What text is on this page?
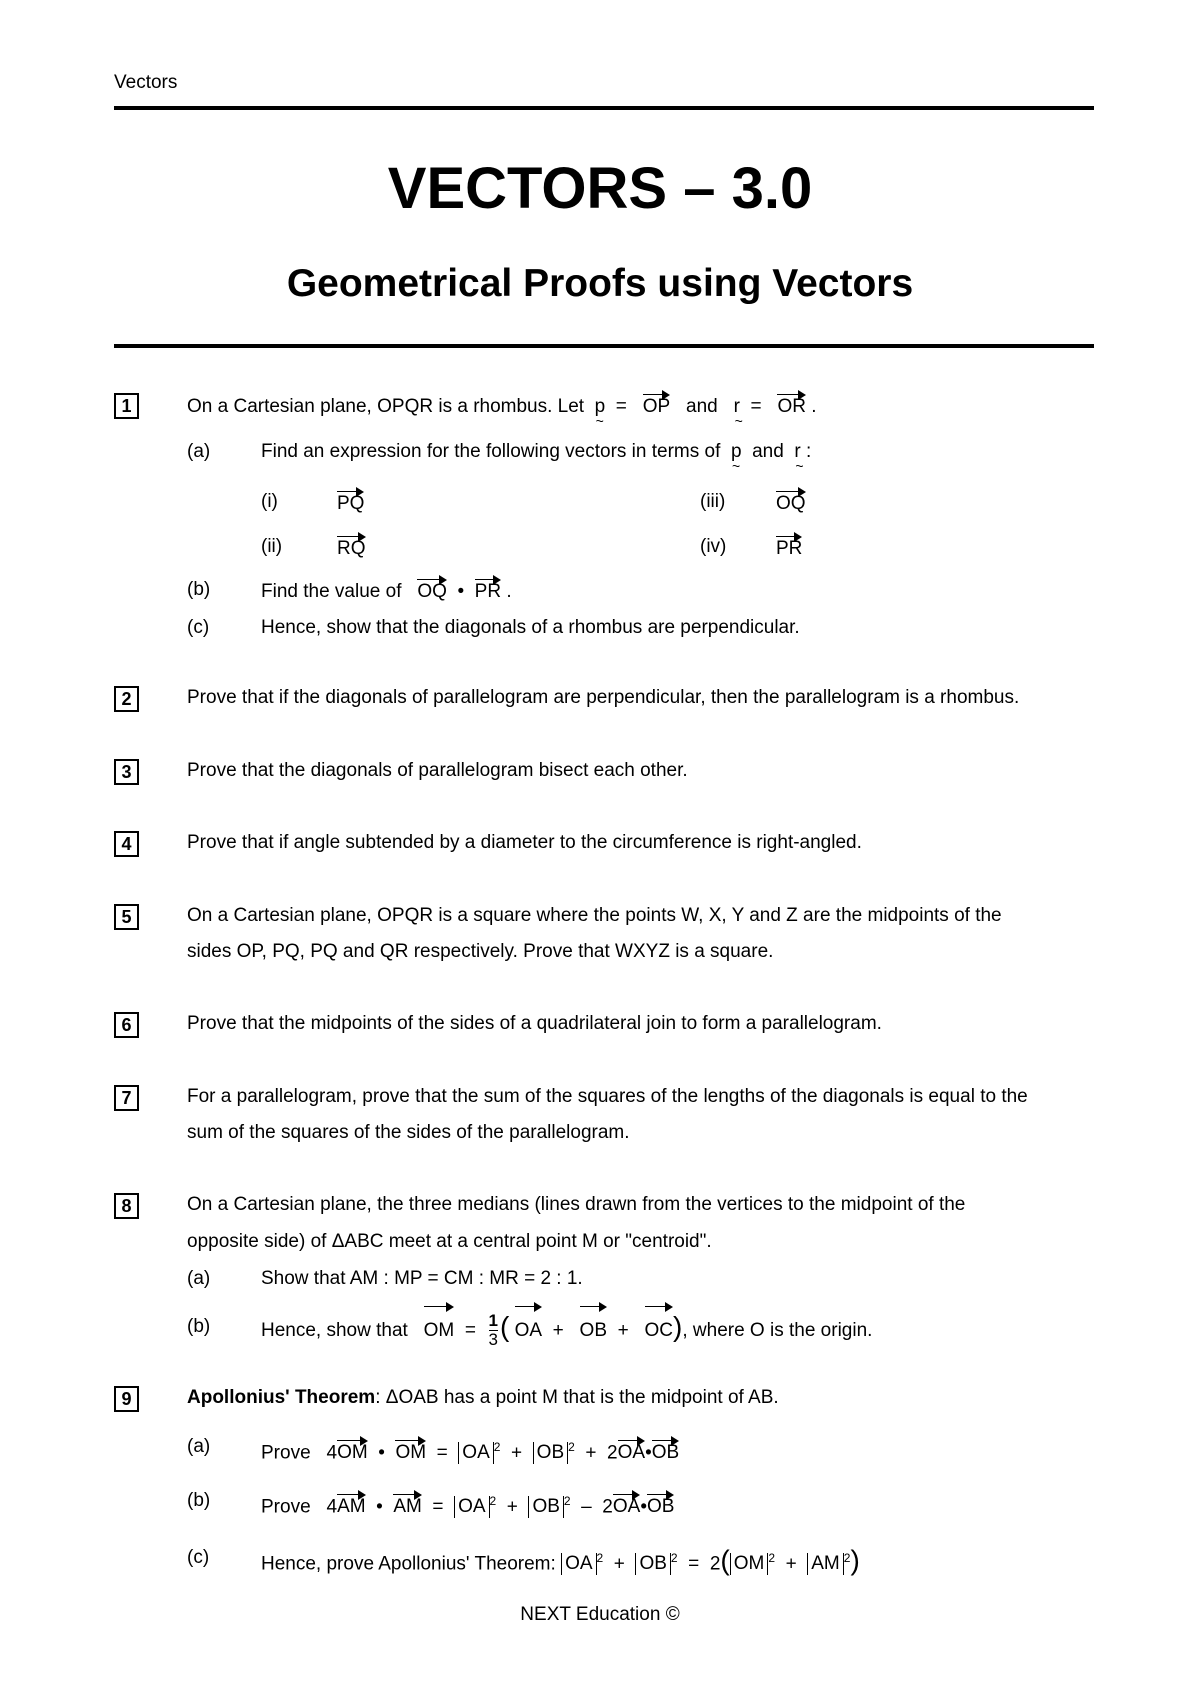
Vectors
VECTORS – 3.0
Geometrical Proofs using Vectors
1	On a Cartesian plane, OPQR is a rhombus. Let p ~ = OP and r ~ = OR .
(a)	Find an expression for the following vectors in terms of p ~ and r ~ :
(i)	PQ	(iii)	OQ
(ii)	RQ	(iv)	PR
(b)	Find the value of OQ • PR .
(c)	Hence, show that the diagonals of a rhombus are perpendicular.
2	Prove that if the diagonals of parallelogram are perpendicular, then the parallelogram is a rhombus.
3	Prove that the diagonals of parallelogram bisect each other.
4	Prove that if angle subtended by a diameter to the circumference is right-angled.
5	On a Cartesian plane, OPQR is a square where the points W, X, Y and Z are the midpoints of the
sides OP, PQ, PQ and QR respectively. Prove that WXYZ is a square.
6	Prove that the midpoints of the sides of a quadrilateral join to form a parallelogram.
7	For a parallelogram, prove that the sum of the squares of the lengths of the diagonals is equal to the
sum of the squares of the sides of the parallelogram.
8	On a Cartesian plane, the three medians (lines drawn from the vertices to the midpoint of the
opposite side) of ΔABC meet at a central point M or "centroid".
(a)	Show that AM : MP = CM : MR = 2 : 1.
(b)	Hence, show that OM = $\frac{1}{3}$ ( OA + OB + OC), where O is the origin.
9	Apollonius' Theorem: ΔOAB has a point M that is the midpoint of AB.
(a)	Prove 4OM • OM = OA $^2$ + OB $^2$ + 2OA•OB
(b)	Prove 4AM • AM = OA $^2$ + OB $^2$ – 2OA•OB
(c)	Hence, prove Apollonius' Theorem: OA $^2$ + OB $^2$ = 2( OM $^2$ + AM $^2$)
NEXT Education ©
